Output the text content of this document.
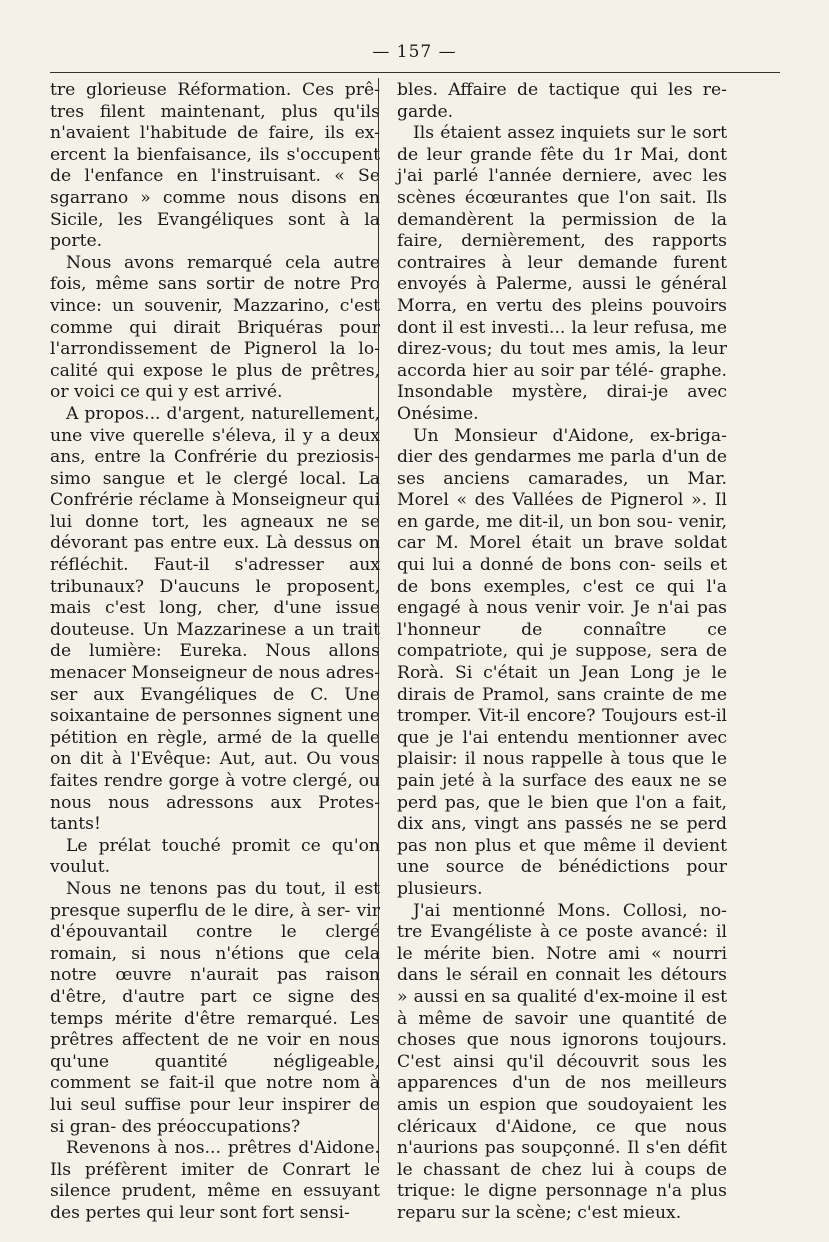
— 157 —

tre glorieuse Réformation. Ces prê- tres filent maintenant, plus qu'ils n'avaient l'habitude de faire, ils ex- ercent la bienfaisance, ils s'occupent de l'enfance en l'instruisant. « Se sgarrano » comme nous disons en Sicile, les Evangéliques sont à la porte.

Nous avons remarqué cela autre fois, même sans sortir de notre Pro vince: un souvenir, Mazzarino, c'est comme qui dirait Briquéras pour l'arrondissement de Pignerol la lo- calité qui expose le plus de prêtres, or voici ce qui y est arrivé.

A propos... d'argent, naturellement, une vive querelle s'éleva, il y a deux ans, entre la Confrérie du preziosis- simo sangue et le clergé local. La Confrérie réclame à Monseigneur qui lui donne tort, les agneaux ne se dévorant pas entre eux. Là dessus on réfléchit. Faut-il s'adresser aux tribunaux? D'aucuns le proposent, mais c'est long, cher, d'une issue douteuse. Un Mazzarinese a un trait de lumière: Eureka. Nous allons menacer Monseigneur de nous adres- ser aux Evangéliques de C. Une soixantaine de personnes signent une pétition en règle, armé de la quelle on dit à l'Evêque: Aut, aut. Ou vous faites rendre gorge à votre clergé, ou nous nous adressons aux Protes- tants!

Le prélat touché promit ce qu'on voulut.

Nous ne tenons pas du tout, il est presque superflu de le dire, à ser- vir d'épouvantail contre le clergé romain, si nous n'étions que cela notre œuvre n'aurait pas raison d'être, d'autre part ce signe des temps mérite d'être remarqué. Les prêtres affectent de ne voir en nous qu'une quantité négligeable, comment se fait-il que notre nom à lui seul suffise pour leur inspirer de si gran- des préoccupations?

Revenons à nos... prêtres d'Aidone. Ils préfèrent imiter de Conrart le silence prudent, même en essuyant des pertes qui leur sont fort sensi-

bles. Affaire de tactique qui les re- garde.

Ils étaient assez inquiets sur le sort de leur grande fête du 1r Mai, dont j'ai parlé l'année derniere, avec les scènes écœurantes que l'on sait. Ils demandèrent la permission de la faire, dernièrement, des rapports contraires à leur demande furent envoyés à Palerme, aussi le général Morra, en vertu des pleins pouvoirs dont il est investi... la leur refusa, me direz-vous; du tout mes amis, la leur accorda hier au soir par télé- graphe. Insondable mystère, dirai-je avec Onésime.

Un Monsieur d'Aidone, ex-briga- dier des gendarmes me parla d'un de ses anciens camarades, un Mar. Morel « des Vallées de Pignerol ». Il en garde, me dit-il, un bon sou- venir, car M. Morel était un brave soldat qui lui a donné de bons con- seils et de bons exemples, c'est ce qui l'a engagé à nous venir voir. Je n'ai pas l'honneur de connaître ce compatriote, qui je suppose, sera de Rorà. Si c'était un Jean Long je le dirais de Pramol, sans crainte de me tromper. Vit-il encore? Toujours est-il que je l'ai entendu mentionner avec plaisir: il nous rappelle à tous que le pain jeté à la surface des eaux ne se perd pas, que le bien que l'on a fait, dix ans, vingt ans passés ne se perd pas non plus et que même il devient une source de bénédictions pour plusieurs.

J'ai mentionné Mons. Collosi, no- tre Evangéliste à ce poste avancé: il le mérite bien. Notre ami « nourri dans le sérail en connait les détours » aussi en sa qualité d'ex-moine il est à même de savoir une quantité de choses que nous ignorons toujours. C'est ainsi qu'il découvrit sous les apparences d'un de nos meilleurs amis un espion que soudoyaient les cléricaux d'Aidone, ce que nous n'aurions pas soupçonné. Il s'en défit le chassant de chez lui à coups de trique: le digne personnage n'a plus reparu sur la scène; c'est mieux.
